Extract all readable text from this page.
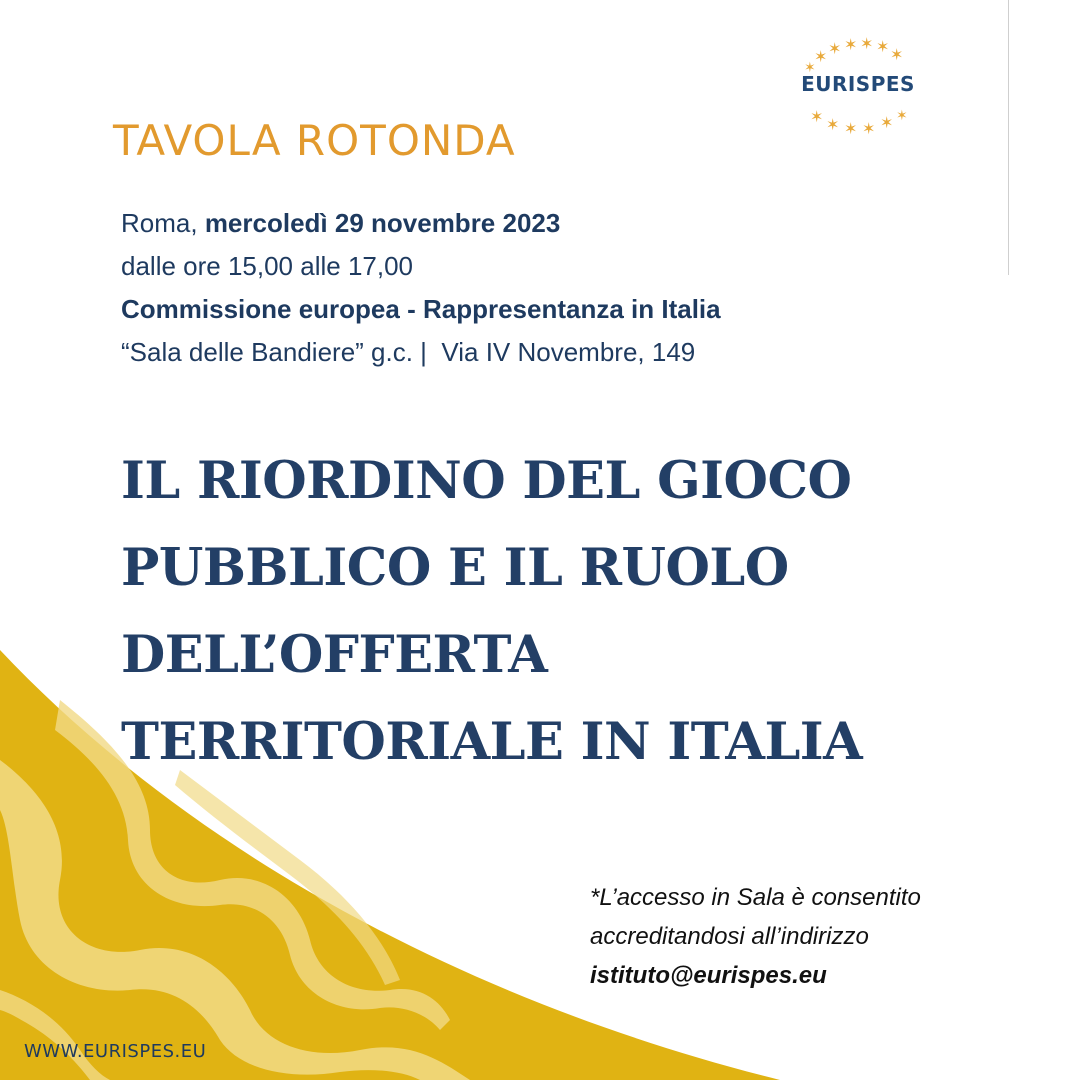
✶ ✶ ✶ ✶ ✶
✶
✶
✶ ✶ ✶ ✶ ✶ ✶
EURISPES
TAVOLA ROTONDA
Roma, mercoledì 29 novembre 2023
dalle ore 15,00 alle 17,00
Commissione europea - Rappresentanza in Italia
“Sala delle Bandiere” g.c. |  Via IV Novembre, 149
IL RIORDINO DEL GIOCO
PUBBLICO E IL RUOLO
DELL’OFFERTA
TERRITORIALE IN ITALIA
*L’accesso in Sala è consentito
accreditandosi all’indirizzo
istituto@eurispes.eu
WWW.EURISPES.EU
